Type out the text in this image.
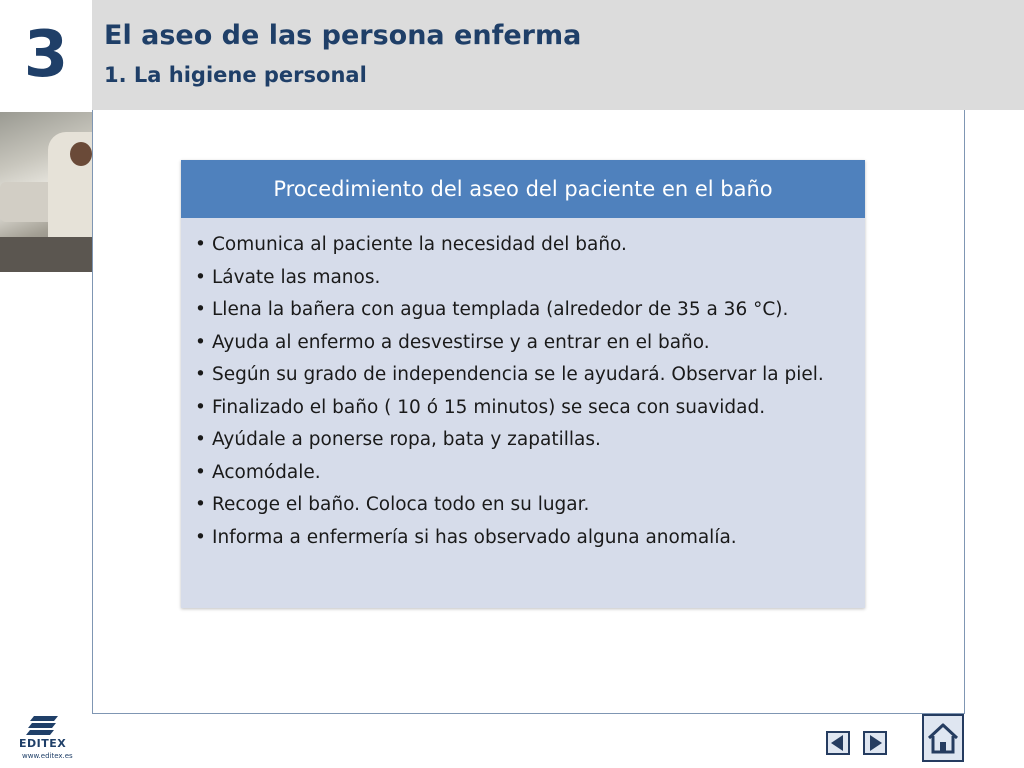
3 El aseo de las persona enferma
1. La higiene personal
Procedimiento del aseo del paciente en el baño
• Comunica al paciente la necesidad del baño.
• Lávate las manos.
• Llena la bañera con agua templada (alrededor de 35 a 36 °C).
• Ayuda al enfermo a desvestirse y a entrar en el baño.
• Según su grado de independencia se le ayudará. Observar la piel.
• Finalizado el baño ( 10 ó 15 minutos) se seca con suavidad.
• Ayúdale a ponerse ropa, bata y zapatillas.
• Acomódale.
• Recoge el baño. Coloca todo en su lugar.
• Informa a enfermería si has observado alguna anomalía.
EDITEX
www.editex.es
